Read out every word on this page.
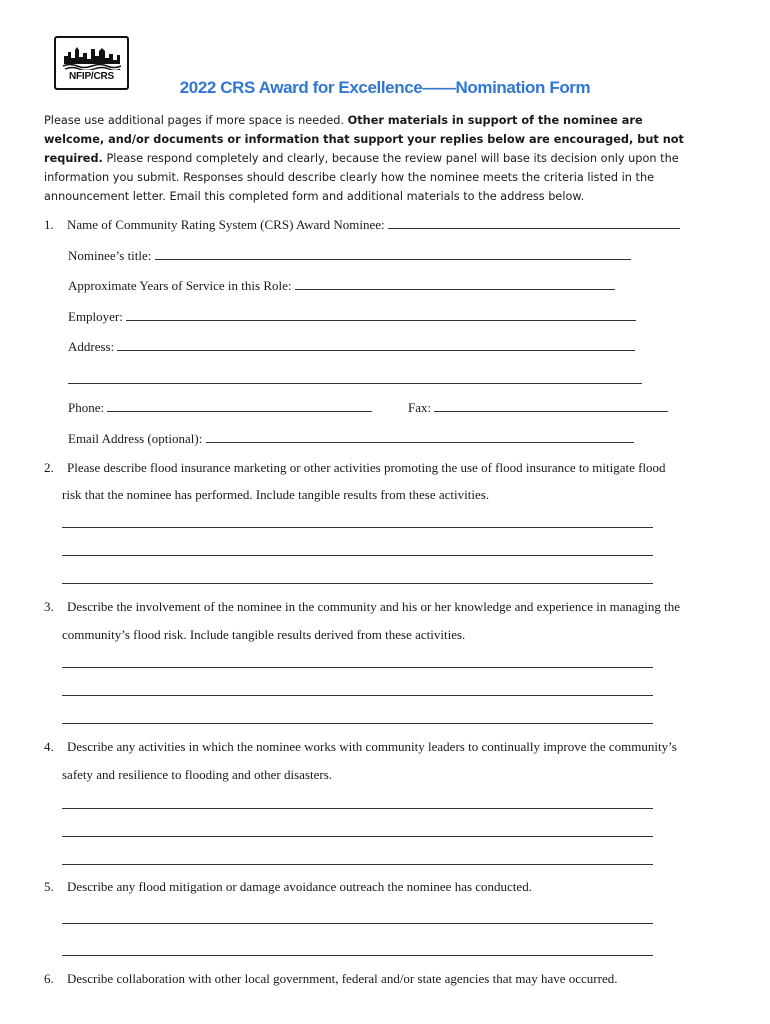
NFIP/CRS
2022 CRS Award for Excellence——Nomination Form
Please use additional pages if more space is needed. Other materials in support of the nominee are welcome, and/or documents or information that support your replies below are encouraged, but not required. Please respond completely and clearly, because the review panel will base its decision only upon the information you submit. Responses should describe clearly how the nominee meets the criteria listed in the announcement letter. Email this completed form and additional materials to the address below.
1. Name of Community Rating System (CRS) Award Nominee:
Nominee’s title:
Approximate Years of Service in this Role:
Employer:
Address:
Phone:	Fax:
Email Address (optional):
2. Please describe flood insurance marketing or other activities promoting the use of flood insurance to mitigate flood
risk that the nominee has performed. Include tangible results from these activities.
3. Describe the involvement of the nominee in the community and his or her knowledge and experience in managing the
community’s flood risk. Include tangible results derived from these activities.
4. Describe any activities in which the nominee works with community leaders to continually improve the community’s
safety and resilience to flooding and other disasters.
5. Describe any flood mitigation or damage avoidance outreach the nominee has conducted.
6. Describe collaboration with other local government, federal and/or state agencies that may have occurred.
